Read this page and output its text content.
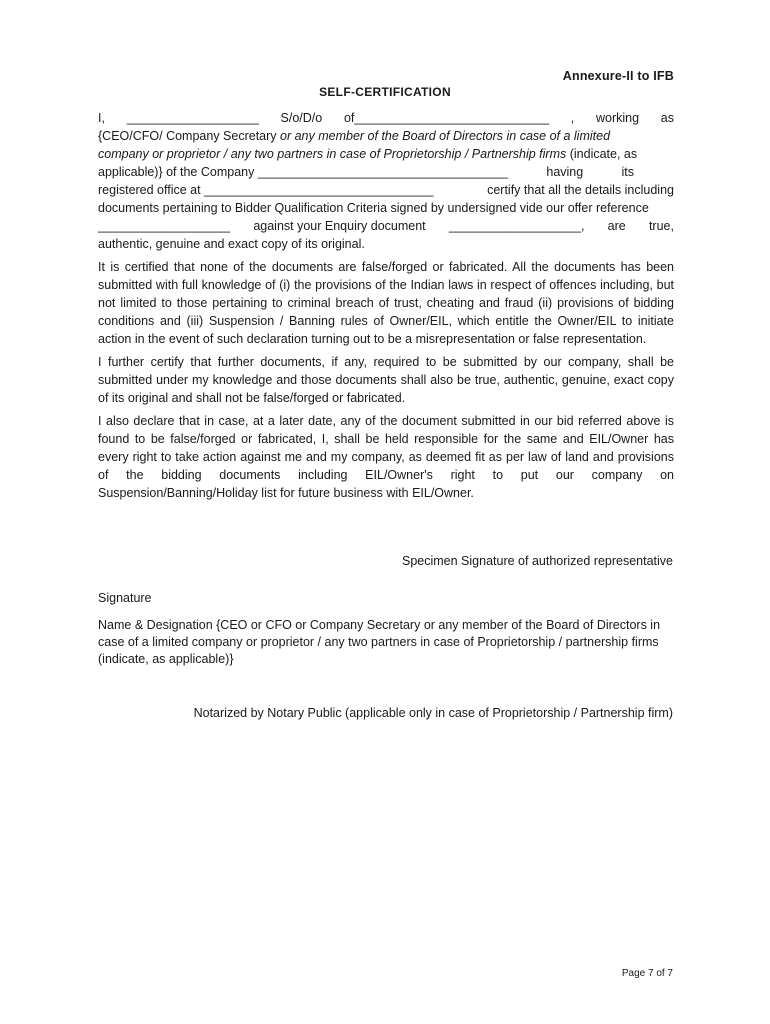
Annexure-II to IFB
SELF-CERTIFICATION
I, ___________________ S/o/D/o of____________________________ , working as
{CEO/CFO/ Company Secretary or any member of the Board of Directors in case of a limited
company or proprietor / any two partners in case of Proprietorship / Partnership firms (indicate, as
applicable)} of the Company ____________________________________	having	its
registered office at _________________________________	certify that all the details including
documents pertaining to Bidder Qualification Criteria signed by undersigned vide our offer reference
___________________ against your Enquiry document ___________________, are true,
authentic, genuine and exact copy of its original.

It is certified that none of the documents are false/forged or fabricated. All the documents has been submitted with full knowledge of (i) the provisions of the Indian laws in respect of offences including, but not limited to those pertaining to criminal breach of trust, cheating and fraud (ii) provisions of bidding conditions and (iii) Suspension / Banning rules of Owner/EIL, which entitle the Owner/EIL to initiate action in the event of such declaration turning out to be a misrepresentation or false representation.

I further certify that further documents, if any, required to be submitted by our company, shall be submitted under my knowledge and those documents shall also be true, authentic, genuine, exact copy of its original and shall not be false/forged or fabricated.

I also declare that in case, at a later date, any of the document submitted in our bid referred above is found to be false/forged or fabricated, I, shall be held responsible for the same and EIL/Owner has every right to take action against me and my company, as deemed fit as per law of land and provisions of the bidding documents including EIL/Owner's right to put our company on Suspension/Banning/Holiday list for future business with EIL/Owner.

Specimen Signature of authorized representative
Signature
Name & Designation {CEO or CFO or Company Secretary or any member of the Board of Directors in case of a limited company or proprietor / any two partners in case of Proprietorship / partnership firms (indicate, as applicable)}
Notarized by Notary Public (applicable only in case of Proprietorship / Partnership firm)
Page 7 of 7
